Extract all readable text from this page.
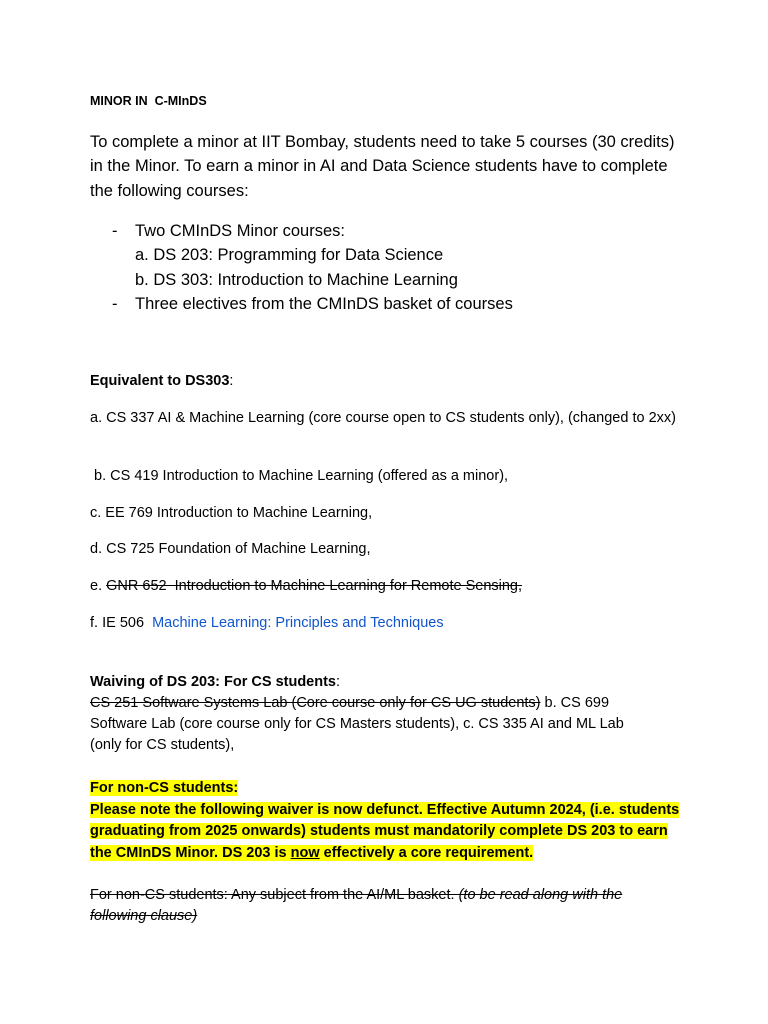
MINOR IN  C-MInDS
To complete a minor at IIT Bombay, students need to take 5 courses (30 credits) in the Minor. To earn a minor in AI and Data Science students have to complete the following courses:
- Two CMInDS Minor courses:
a. DS 203: Programming for Data Science
b. DS 303: Introduction to Machine Learning
- Three electives from the CMInDS basket of courses
Equivalent to DS303:
a. CS 337 AI & Machine Learning (core course open to CS students only), (changed to 2xx)
b. CS 419 Introduction to Machine Learning (offered as a minor),
c. EE 769 Introduction to Machine Learning,
d. CS 725 Foundation of Machine Learning,
e. GNR 652  Introduction to Machine Learning for Remote Sensing,
f. IE 506  Machine Learning: Principles and Techniques
Waiving of DS 203: For CS students:
CS 251 Software Systems Lab (Core course only for CS UG students) b. CS 699 Software Lab (core course only for CS Masters students), c. CS 335 AI and ML Lab (only for CS students),
For non-CS students:
Please note the following waiver is now defunct. Effective Autumn 2024, (i.e. students graduating from 2025 onwards) students must mandatorily complete DS 203 to earn the CMInDS Minor. DS 203 is now effectively a core requirement.
For non-CS students: Any subject from the AI/ML basket. (to be read along with the following clause)
